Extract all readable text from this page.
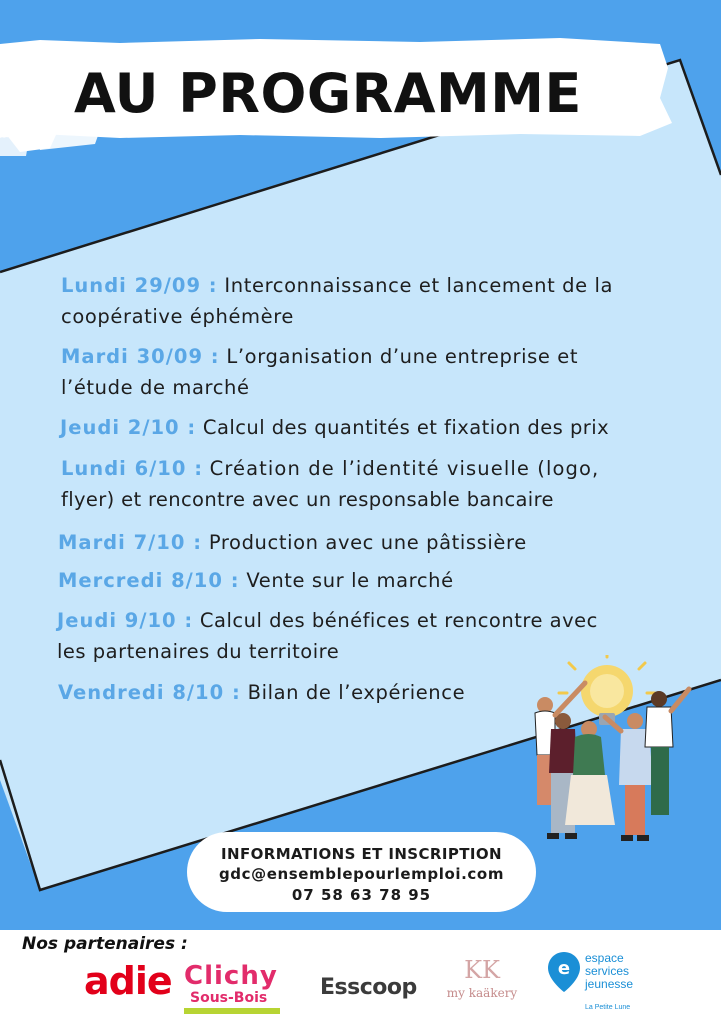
AU PROGRAMME

Lundi 29/09 : Interconnaissance et lancement de la
coopérative éphémère

Mardi 30/09 : L’organisation d’une entreprise et
l’étude de marché

Jeudi 2/10 : Calcul des quantités et fixation des prix

Lundi 6/10 : Création de l’identité visuelle (logo,
flyer) et rencontre avec un responsable bancaire

Mardi 7/10 : Production avec une pâtissière

Mercredi 8/10 : Vente sur le marché

Jeudi 9/10 : Calcul des bénéfices et rencontre avec
les partenaires du territoire

Vendredi 8/10 : Bilan de l’expérience

INFORMATIONS ET INSCRIPTION
gdc@ensemblepourlemploi.com
07 58 63 78 95
Nos partenaires :
adie Clichy
Sous-Bois	Esscoop
KK
my kaäkery
e espace
services
jeunesse
La Petite Lune
